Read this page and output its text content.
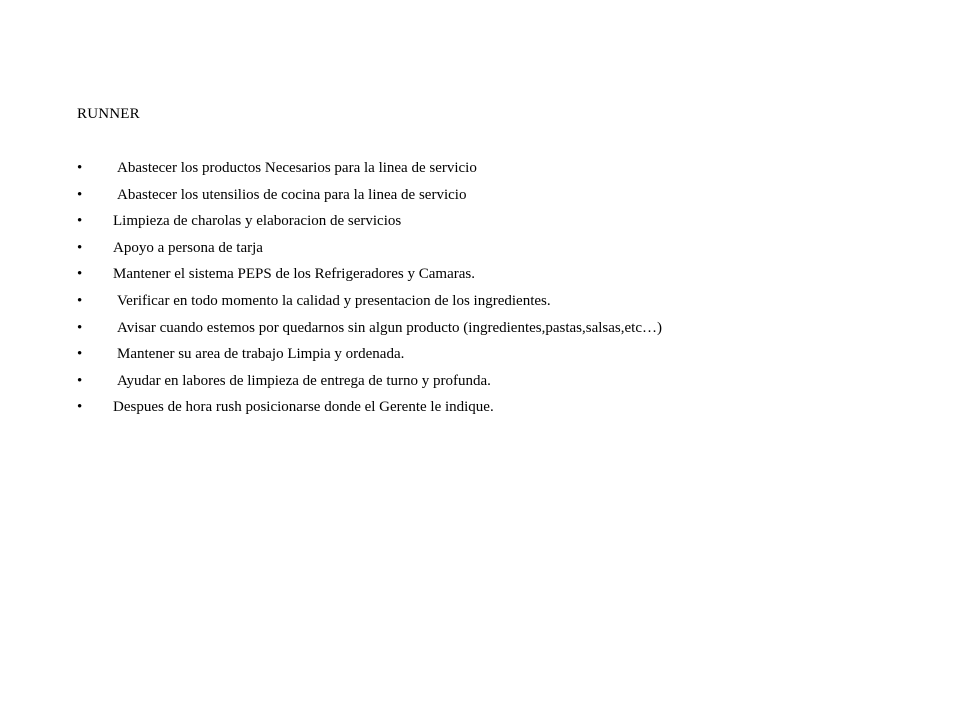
RUNNER
• Abastecer los productos Necesarios para la linea de servicio
• Abastecer los utensilios de cocina para la linea de servicio
• Limpieza de charolas y elaboracion de servicios
• Apoyo a persona de tarja
• Mantener el sistema PEPS de los Refrigeradores y Camaras.
• Verificar en todo momento la calidad y presentacion de los ingredientes.
• Avisar cuando estemos por quedarnos sin algun producto (ingredientes,pastas,salsas,etc…)
• Mantener su area de trabajo Limpia y ordenada.
• Ayudar en labores de limpieza de entrega de turno y profunda.
• Despues de hora rush posicionarse donde el Gerente le indique.
